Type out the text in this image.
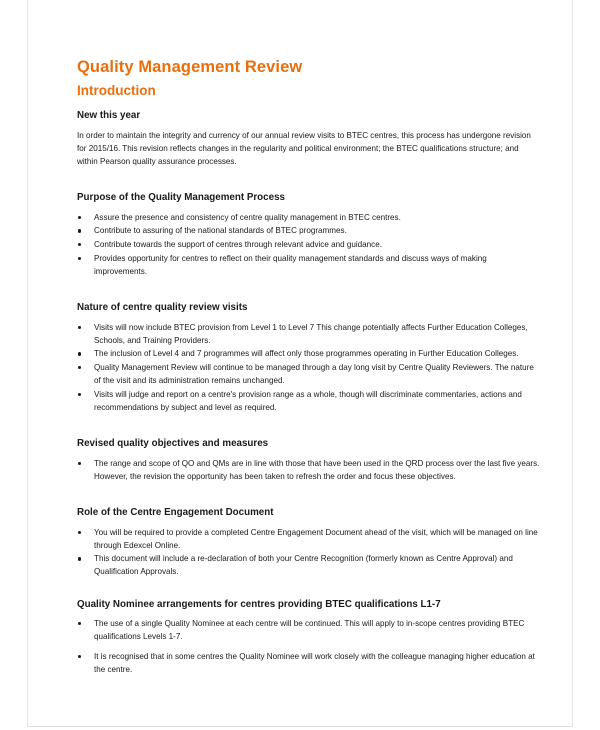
Quality Management Review
Introduction
New this year

In order to maintain the integrity and currency of our annual review visits to BTEC centres, this process has undergone revision for 2015/16. This revision reflects changes in the regularity and political environment; the BTEC qualifications structure; and within Pearson quality assurance processes.

Purpose of the Quality Management Process
Assure the presence and consistency of centre quality management in BTEC centres.
Contribute to assuring of the national standards of BTEC programmes.
Contribute towards the support of centres through relevant advice and guidance.
Provides opportunity for centres to reflect on their quality management standards and discuss ways of making improvements.
Nature of centre quality review visits
Visits will now include BTEC provision from Level 1 to Level 7 This change potentially affects Further Education Colleges, Schools, and Training Providers.
The inclusion of Level 4 and 7 programmes will affect only those programmes operating in Further Education Colleges.
Quality Management Review will continue to be managed through a day long visit by Centre Quality Reviewers. The nature of the visit and its administration remains unchanged.
Visits will judge and report on a centre's provision range as a whole, though will discriminate commentaries, actions and recommendations by subject and level as required.
Revised quality objectives and measures
The range and scope of QO and QMs are in line with those that have been used in the QRD process over the last five years. However, the revision the opportunity has been taken to refresh the order and focus these objectives.
Role of the Centre Engagement Document
You will be required to provide a completed Centre Engagement Document ahead of the visit, which will be managed on line through Edexcel Online.
This document will include a re-declaration of both your Centre Recognition (formerly known as Centre Approval) and Qualification Approvals.
Quality Nominee arrangements for centres providing BTEC qualifications L1-7
The use of a single Quality Nominee at each centre will be continued. This will apply to in-scope centres providing BTEC qualifications Levels 1-7.
It is recognised that in some centres the Quality Nominee will work closely with the colleague managing higher education at the centre.
